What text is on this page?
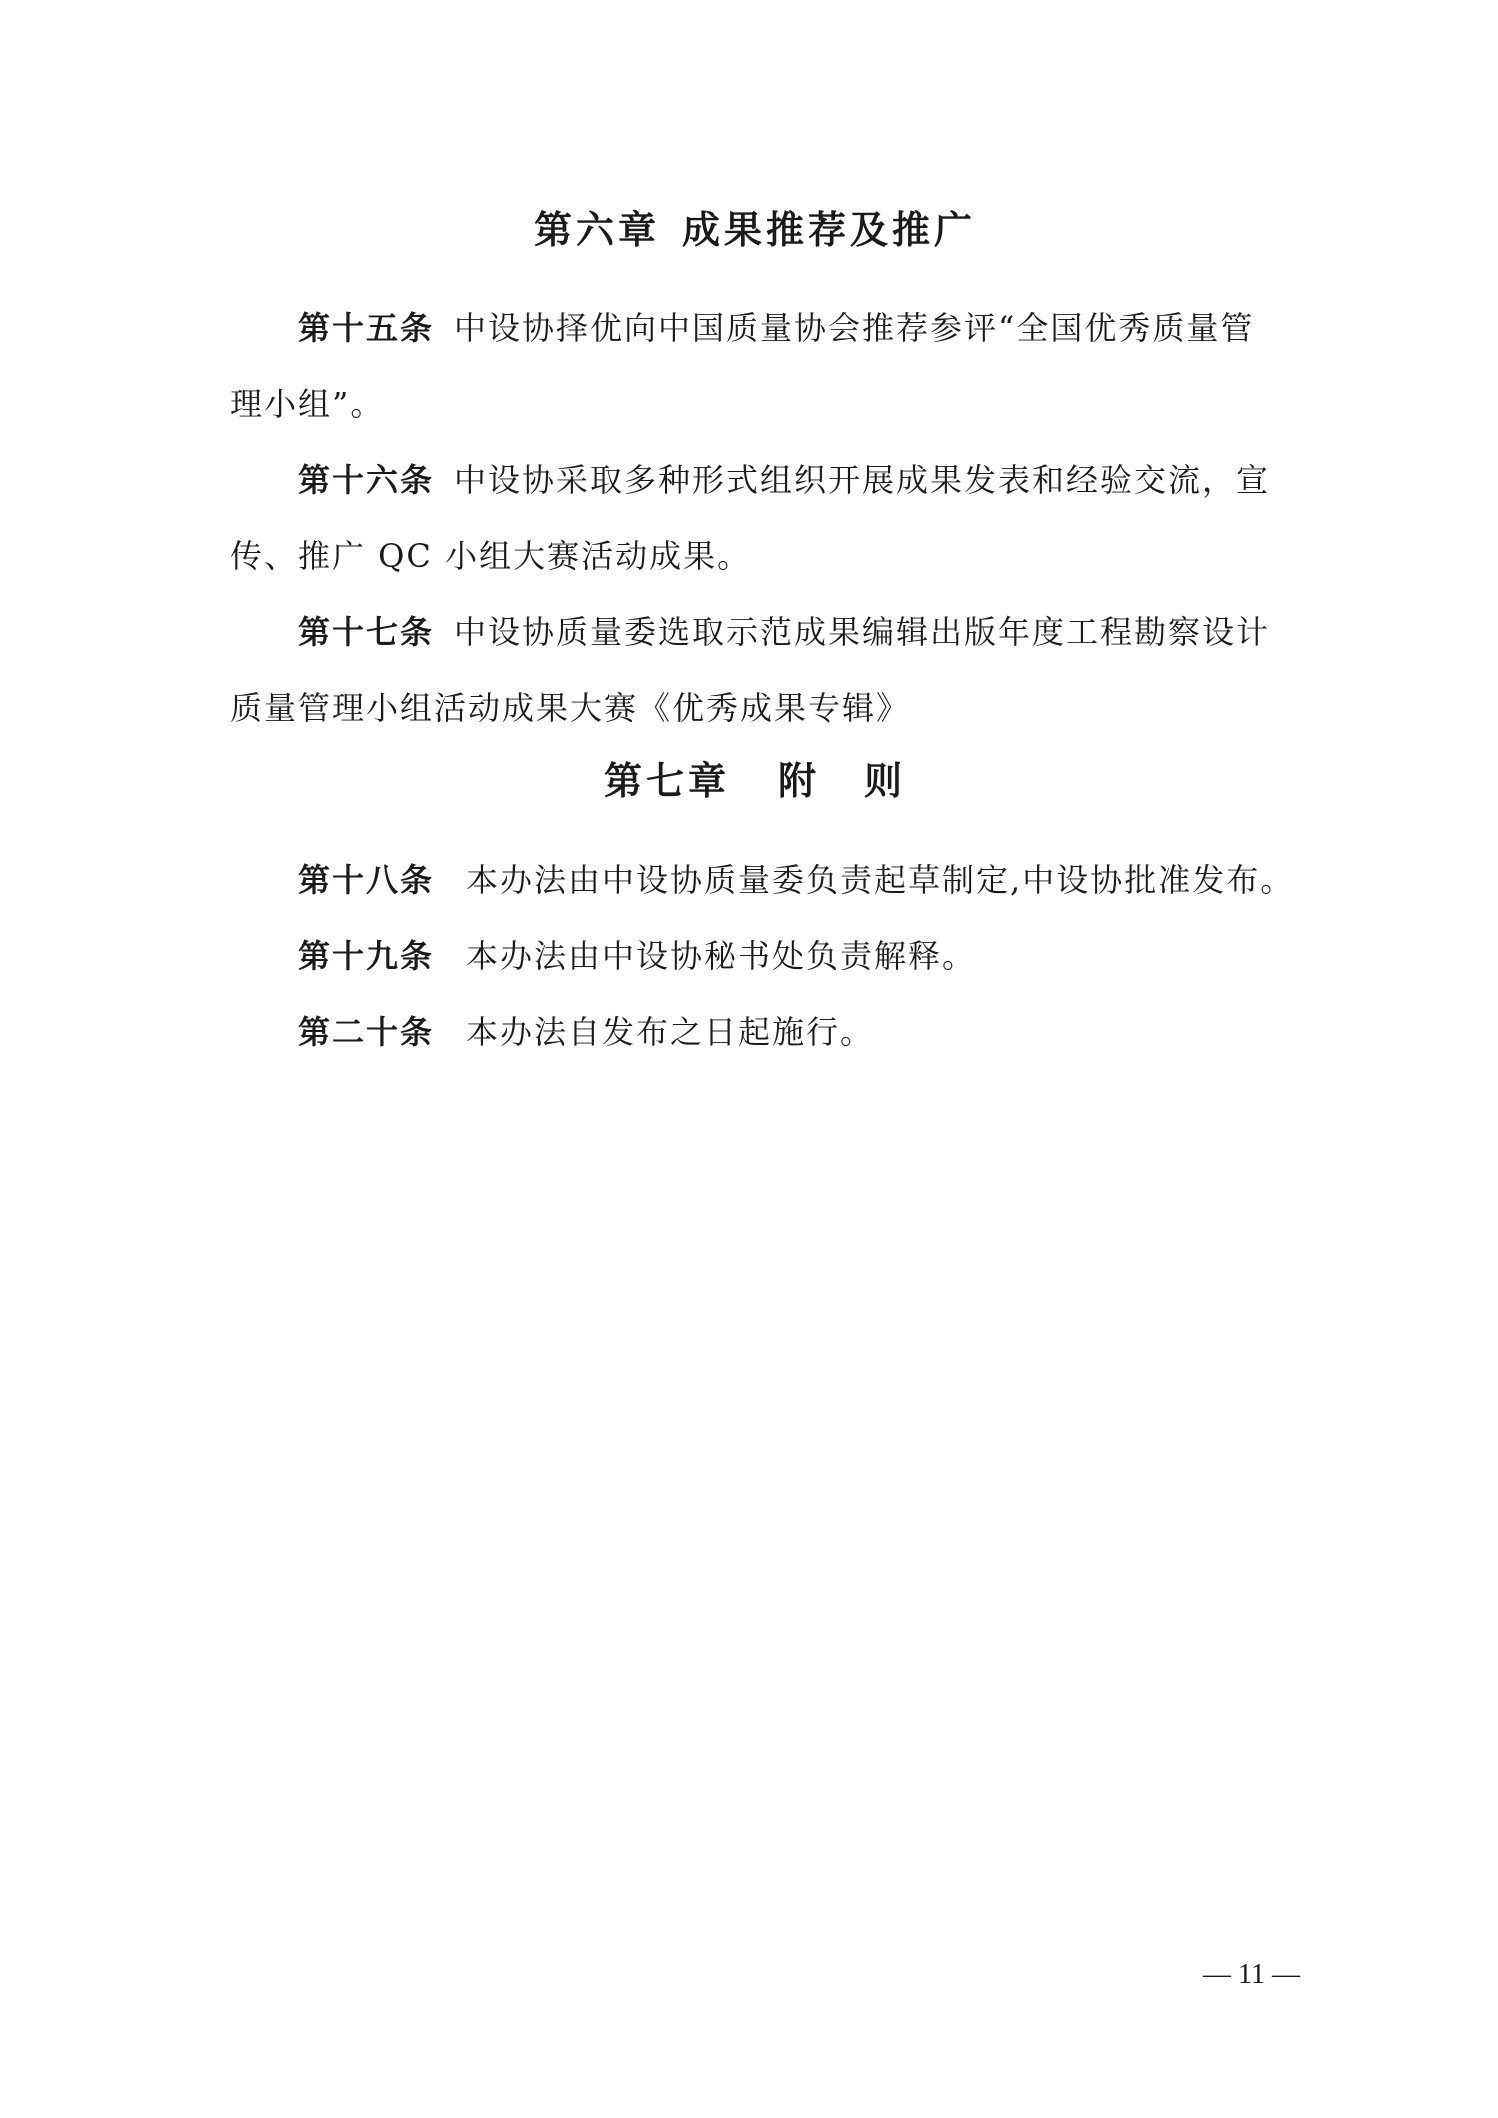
第六章 成果推荐及推广
第十五条 中设协择优向中国质量协会推荐参评“全国优秀质量管
理小组”。
第十六条 中设协采取多种形式组织开展成果发表和经验交流，宣
传、推广 QC 小组大赛活动成果。
第十七条 中设协质量委选取示范成果编辑出版年度工程勘察设计
质量管理小组活动成果大赛《优秀成果专辑》
第七章 附 则
第十八条 本办法由中设协质量委负责起草制定,中设协批准发布。
第十九条 本办法由中设协秘书处负责解释。
第二十条 本办法自发布之日起施行。
— 11 —
